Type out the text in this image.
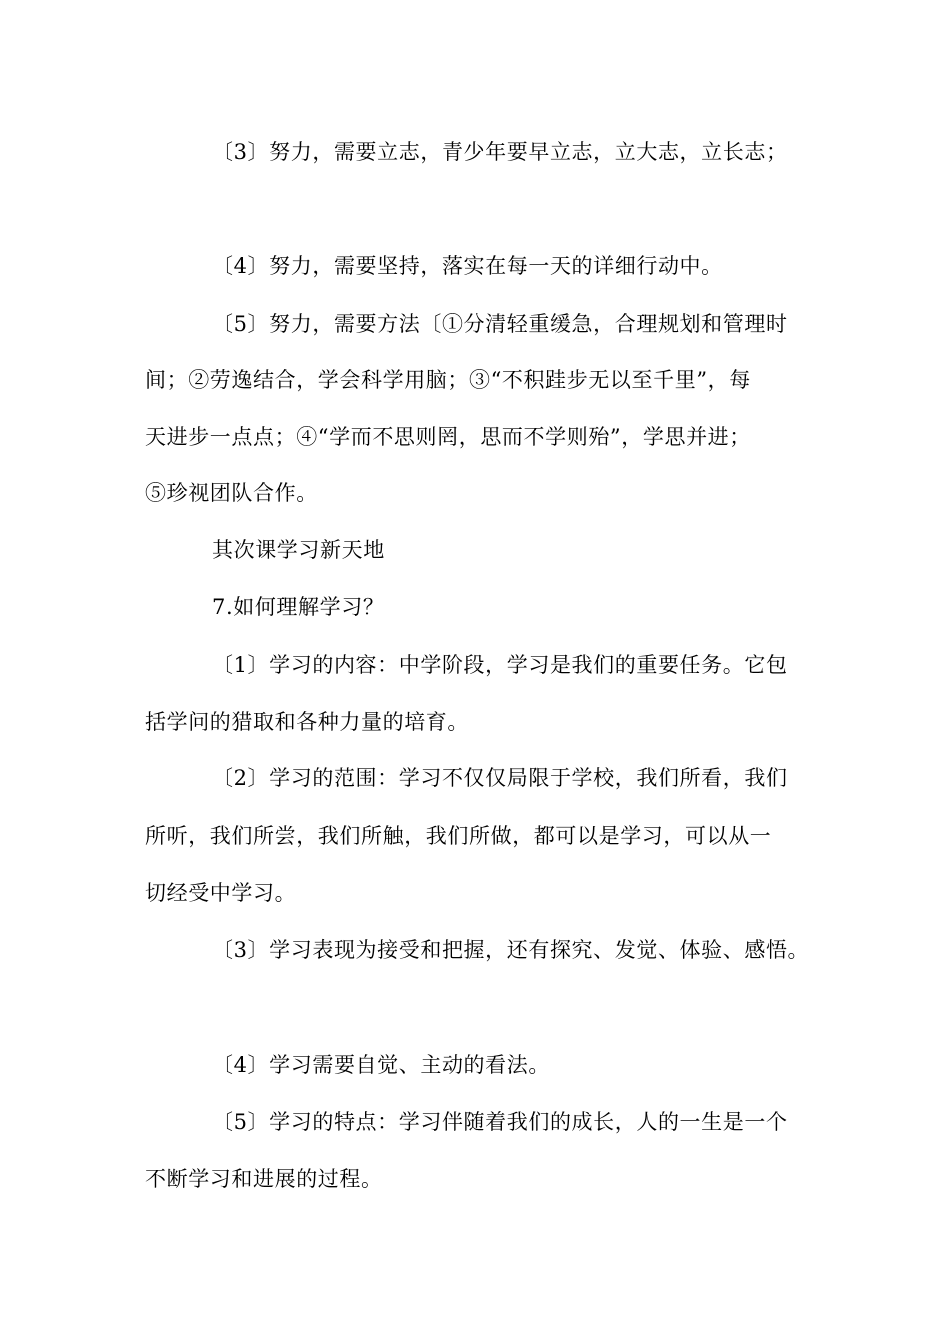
〔3〕努力，需要立志，青少年要早立志，立大志，立长志；
〔4〕努力，需要坚持，落实在每一天的详细行动中。
〔5〕努力，需要方法〔①分清轻重缓急，合理规划和管理时
间；②劳逸结合，学会科学用脑；③“不积跬步无以至千里”，每
天进步一点点；④“学而不思则罔，思而不学则殆”，学思并进；
⑤珍视团队合作。
其次课学习新天地
7.如何理解学习？
〔1〕学习的内容：中学阶段，学习是我们的重要任务。它包
括学问的猎取和各种力量的培育。
〔2〕学习的范围：学习不仅仅局限于学校，我们所看，我们
所听，我们所尝，我们所触，我们所做，都可以是学习，可以从一
切经受中学习。
〔3〕学习表现为接受和把握，还有探究、发觉、体验、感悟。
〔4〕学习需要自觉、主动的看法。
〔5〕学习的特点：学习伴随着我们的成长，人的一生是一个
不断学习和进展的过程。
